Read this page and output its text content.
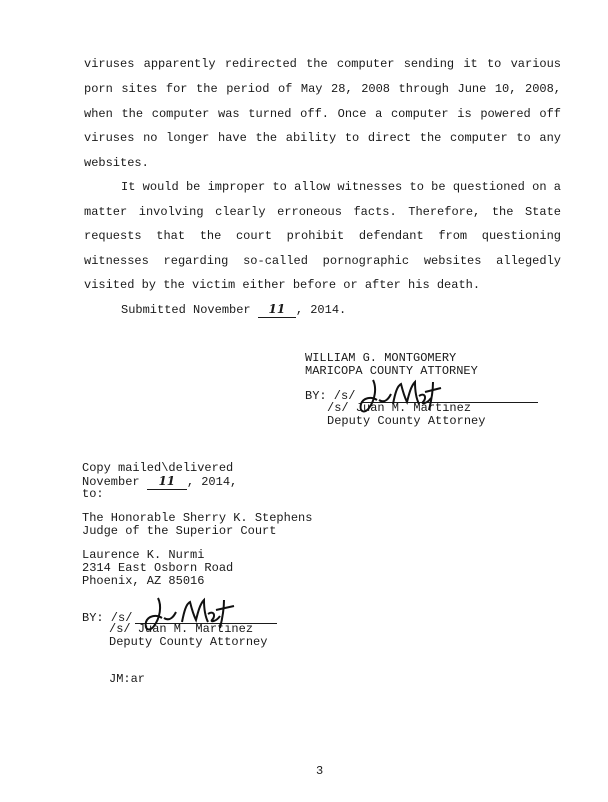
viruses apparently redirected the computer sending it to various
porn sites for the period of May 28, 2008 through June 10, 2008,
when the computer was turned off. Once a computer is powered off
viruses no longer have the ability to direct the computer to any
websites.
It would be improper to allow witnesses to be questioned on a
matter involving clearly erroneous facts. Therefore, the State
requests that the court prohibit defendant from questioning
witnesses regarding so-called pornographic websites allegedly
visited by the victim either before or after his death.
Submitted November 11 , 2014.
WILLIAM G. MONTGOMERY
MARICOPA COUNTY ATTORNEY
BY: /s/
/s/ Juan M. Martinez
Deputy County Attorney
Copy mailed\delivered
November 11 , 2014,
to:
The Honorable Sherry K. Stephens
Judge of the Superior Court
Laurence K. Nurmi
2314 East Osborn Road
Phoenix, AZ 85016
BY: /s/
/s/ Juan M. Martinez
Deputy County Attorney
JM:ar
3
